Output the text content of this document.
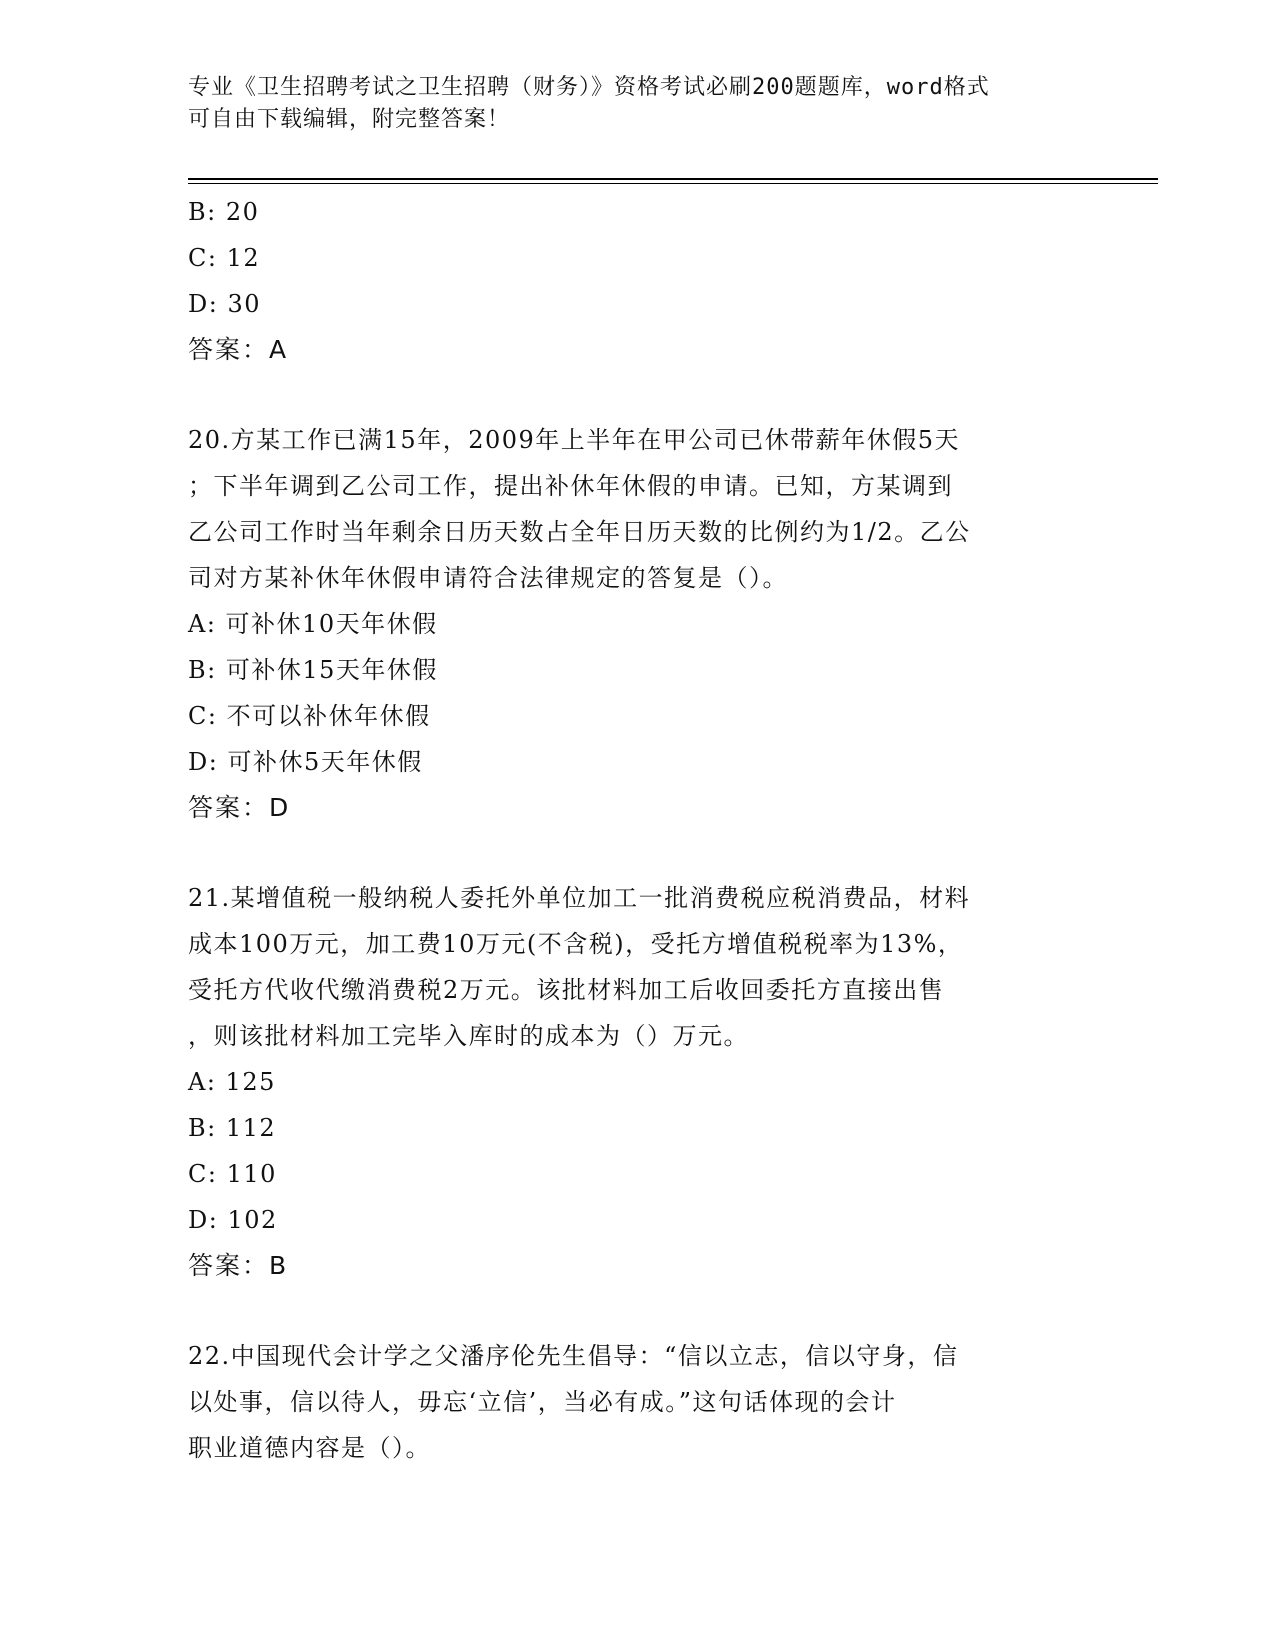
专业《卫生招聘考试之卫生招聘（财务）》资格考试必刷200题题库，word格式
可自由下载编辑，附完整答案！
B: 20
C: 12
D: 30
答案：A
20.方某工作已满15年，2009年上半年在甲公司已休带薪年休假5天
；下半年调到乙公司工作，提出补休年休假的申请。已知，方某调到
乙公司工作时当年剩余日历天数占全年日历天数的比例约为1/2。乙公
司对方某补休年休假申请符合法律规定的答复是（）。
A: 可补休10天年休假
B: 可补休15天年休假
C: 不可以补休年休假
D: 可补休5天年休假
答案：D
21.某增值税一般纳税人委托外单位加工一批消费税应税消费品，材料
成本100万元，加工费10万元(不含税)，受托方增值税税率为13%，
受托方代收代缴消费税2万元。该批材料加工后收回委托方直接出售
，则该批材料加工完毕入库时的成本为（）万元。
A: 125
B: 112
C: 110
D: 102
答案：B
22.中国现代会计学之父潘序伦先生倡导：“信以立志，信以守身，信
以处事，信以待人，毋忘‘立信’，当必有成。”这句话体现的会计
职业道德内容是（）。
